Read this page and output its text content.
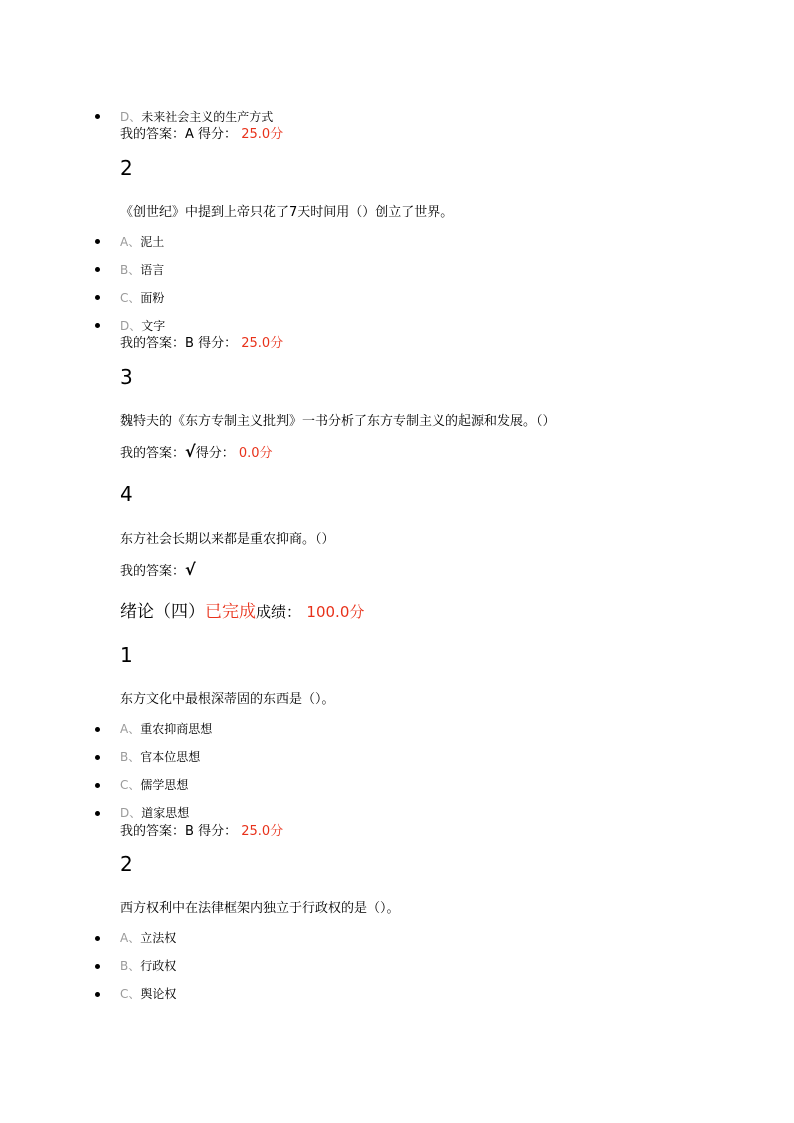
D、未来社会主义的生产方式
我的答案：A 得分： 25.0分
2
《创世纪》中提到上帝只花了7天时间用（）创立了世界。
A、泥土
B、语言
C、面粉
D、文字
我的答案：B 得分： 25.0分
3
魏特夫的《东方专制主义批判》一书分析了东方专制主义的起源和发展。（）
我的答案：√得分： 0.0分
4
东方社会长期以来都是重农抑商。（）
我的答案：√
绪论（四）已完成成绩： 100.0分
1
东方文化中最根深蒂固的东西是（）。
A、重农抑商思想
B、官本位思想
C、儒学思想
D、道家思想
我的答案：B 得分： 25.0分
2
西方权利中在法律框架内独立于行政权的是（）。
A、立法权
B、行政权
C、舆论权
